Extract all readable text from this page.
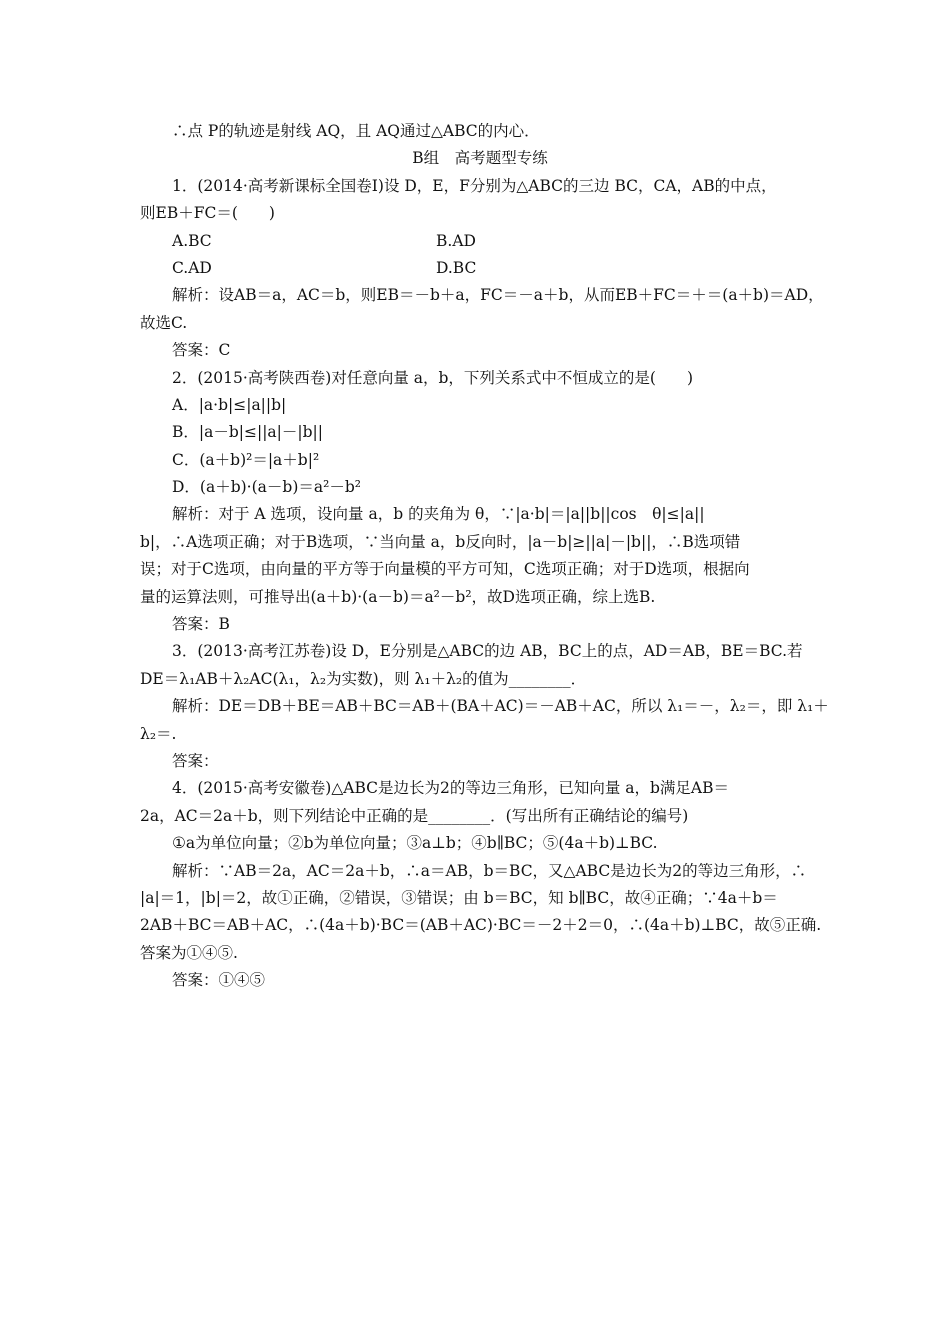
∴点 P的轨迹是射线 AQ，且 AQ通过△ABC的内心．
B组　高考题型专练
1．(2014·高考新课标全国卷Ⅰ)设 D，E，F分别为△ABC的三边 BC，CA，AB的中点，
则EB＋FC＝(　　)
A.BC	B.AD
C.AD	D.BC
解析：设AB＝a，AC＝b，则EB＝－b＋a，FC＝－a＋b，从而EB＋FC＝＋＝(a＋b)＝AD，
故选C.
答案：C
2．(2015·高考陕西卷)对任意向量 a，b，下列关系式中不恒成立的是(　　)
A．|a·b|≤|a||b|
B．|a－b|≤||a|－|b||
C．(a＋b)²＝|a＋b|²
D．(a＋b)·(a－b)＝a²－b²
解析：对于 A 选项，设向量 a，b 的夹角为 θ，∵|a·b|＝|a||b||cos　θ|≤|a||
b|，∴A选项正确；对于B选项，∵当向量 a，b反向时，|a－b|≥||a|－|b||，∴B选项错
误；对于C选项，由向量的平方等于向量模的平方可知，C选项正确；对于D选项，根据向
量的运算法则，可推导出(a＋b)·(a－b)＝a²－b²，故D选项正确，综上选B.
答案：B
3．(2013·高考江苏卷)设 D，E分别是△ABC的边 AB，BC上的点，AD＝AB，BE＝BC.若
DE＝λ₁AB＋λ₂AC(λ₁，λ₂为实数)，则 λ₁＋λ₂的值为________．
解析：DE＝DB＋BE＝AB＋BC＝AB＋(BA＋AC)＝－AB＋AC，所以 λ₁＝－，λ₂＝，即 λ₁＋
λ₂＝.
答案：
4．(2015·高考安徽卷)△ABC是边长为2的等边三角形，已知向量 a，b满足AB＝
2a，AC＝2a＋b，则下列结论中正确的是________．(写出所有正确结论的编号)
①a为单位向量；②b为单位向量；③a⊥b；④b∥BC；⑤(4a＋b)⊥BC.
解析：∵AB＝2a，AC＝2a＋b，∴a＝AB，b＝BC，又△ABC是边长为2的等边三角形，∴
|a|＝1，|b|＝2，故①正确，②错误，③错误；由 b＝BC，知 b∥BC，故④正确；∵4a＋b＝
2AB＋BC＝AB＋AC，∴(4a＋b)·BC＝(AB＋AC)·BC＝－2＋2＝0，∴(4a＋b)⊥BC，故⑤正确.
答案为①④⑤.
答案：①④⑤
